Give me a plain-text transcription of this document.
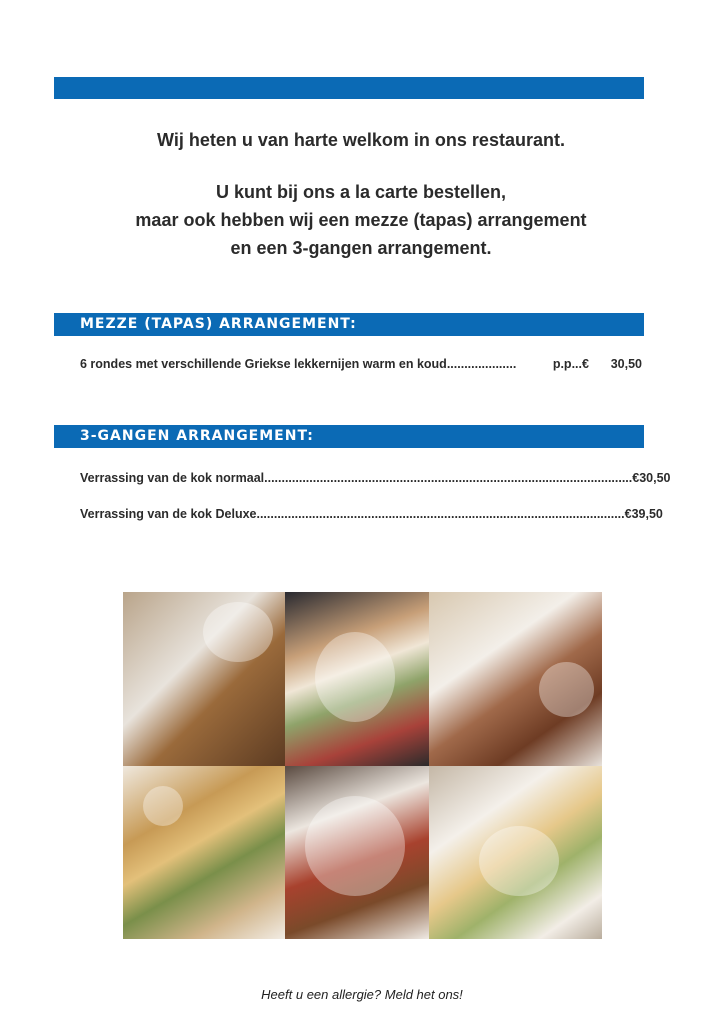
Wij heten u van harte welkom in ons restaurant.

U kunt bij ons a la carte bestellen,

maar ook hebben wij een mezze (tapas) arrangement

en een 3-gangen arrangement.

MEZZE (TAPAS) ARRANGEMENT:
6 rondes met verschillende Griekse lekkernijen warm en koud ....................	p.p... €	30,50
3-GANGEN ARRANGEMENT:
Verrassing van de kok normaal .......................................................................................................... € 30,50
Verrassing van de kok Deluxe .......................................................................................................... € 39,50
Heeft u een allergie? Meld het ons!
